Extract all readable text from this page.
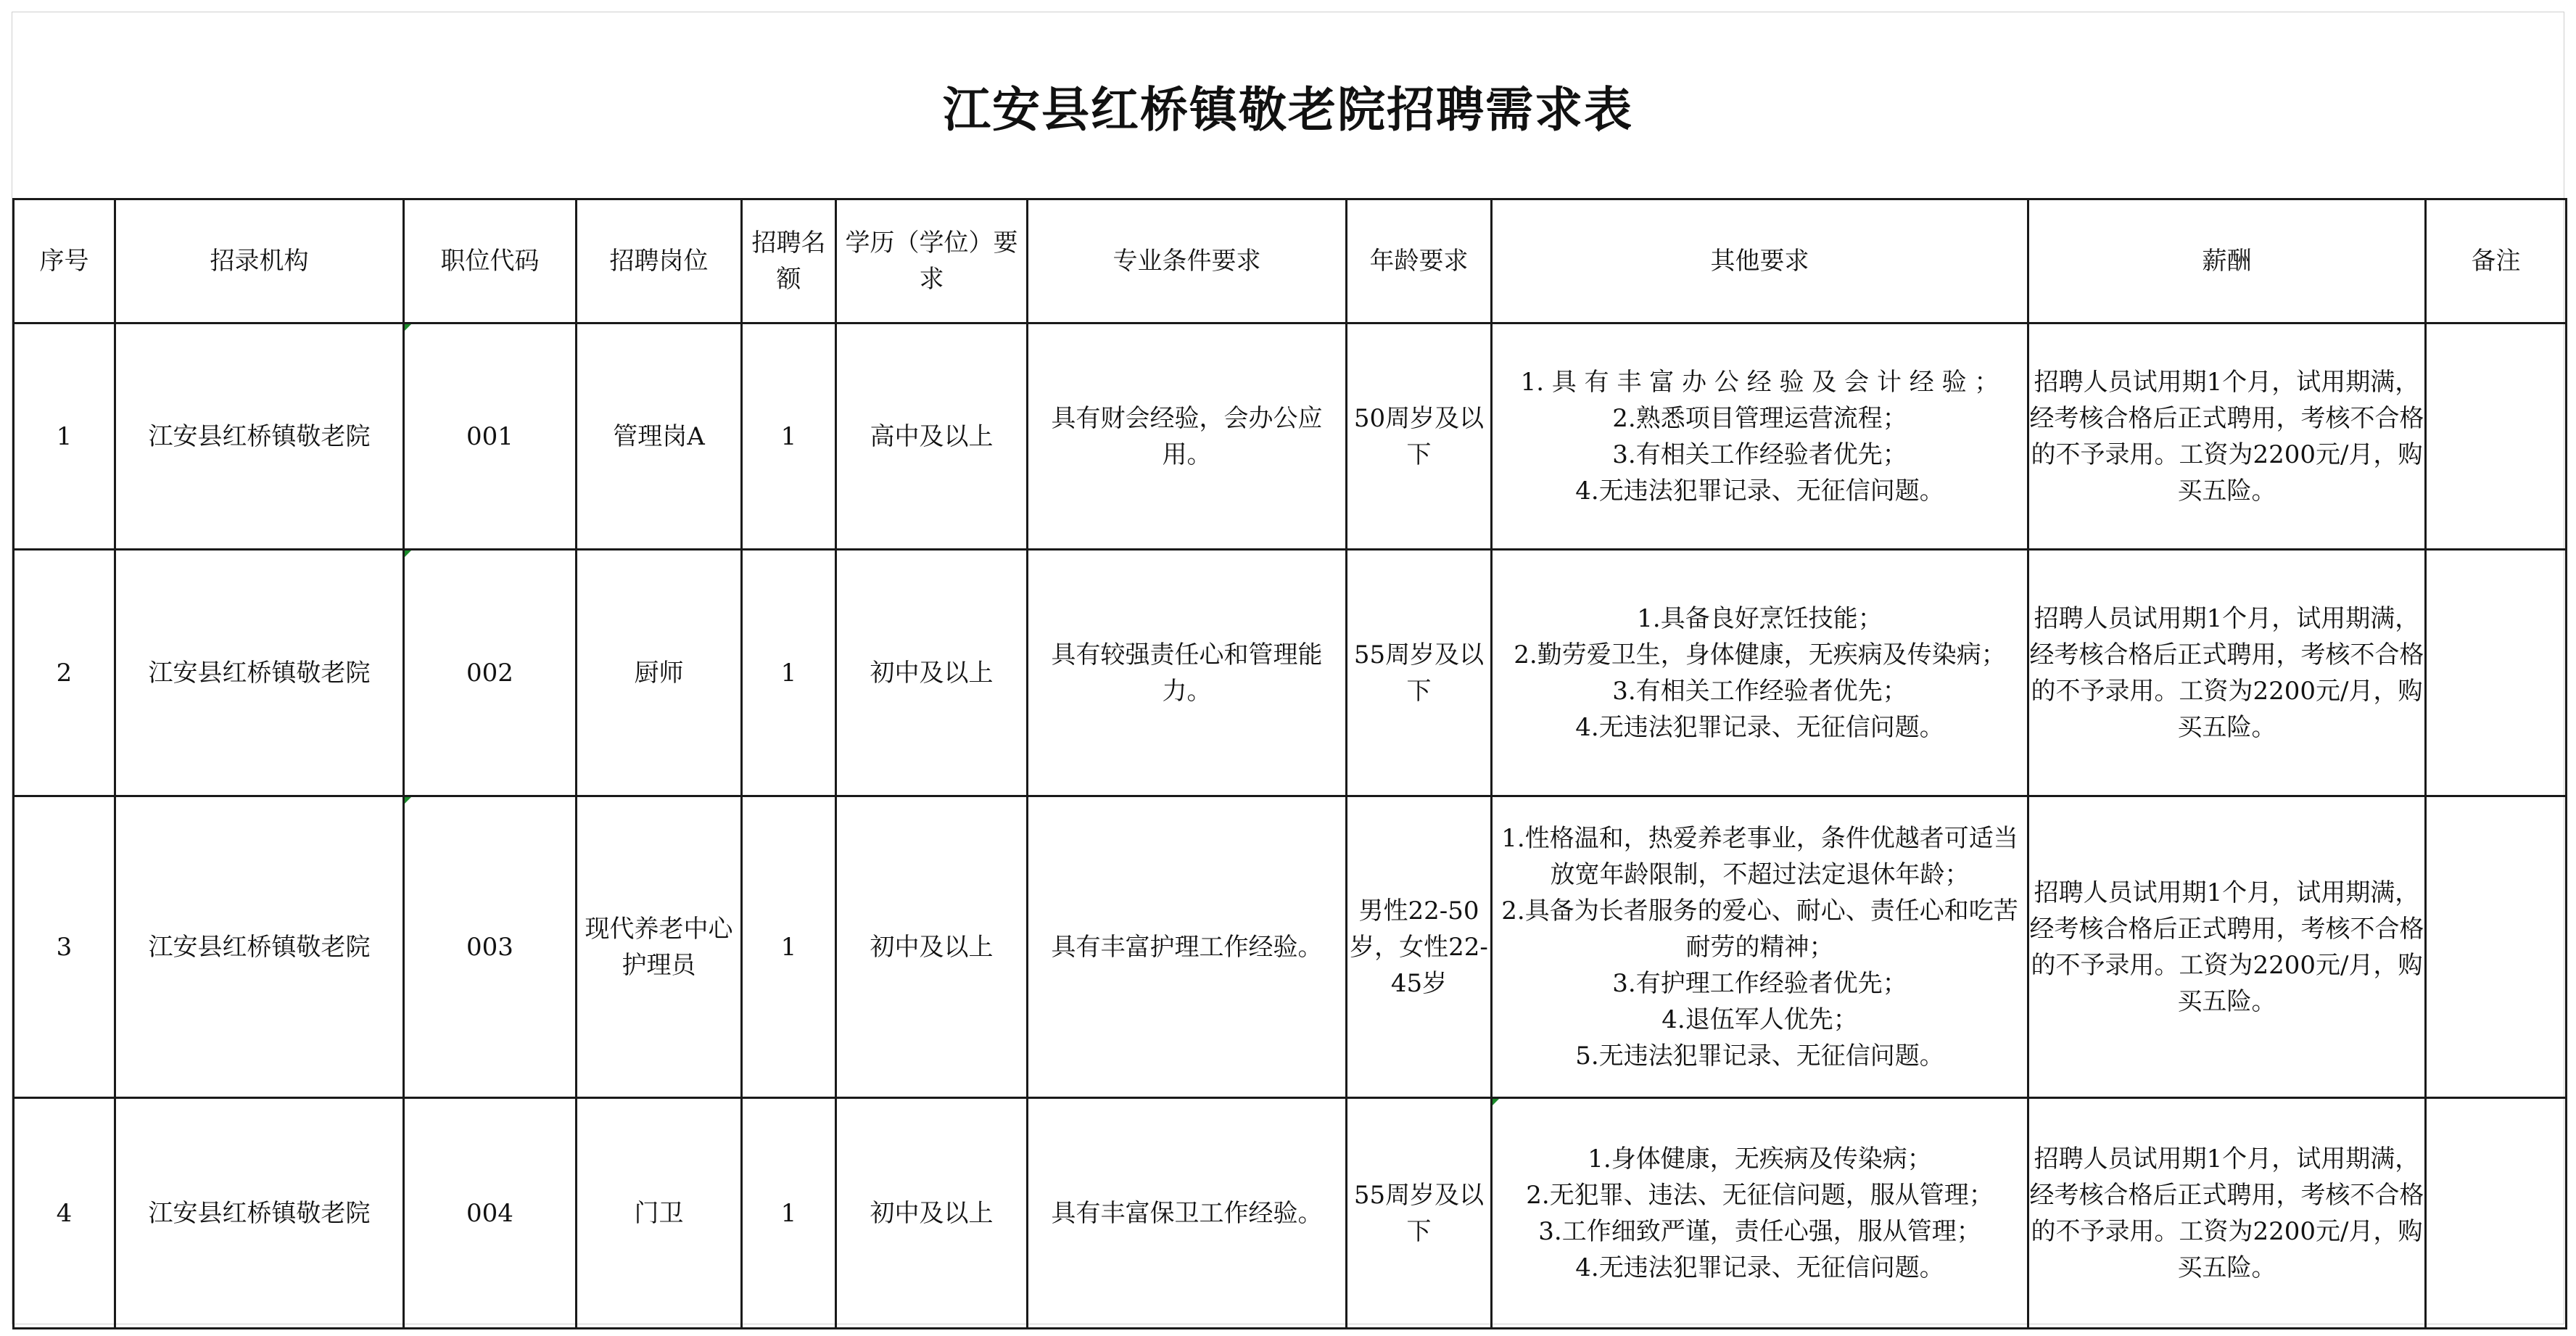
江安县红桥镇敬老院招聘需求表
序号	招录机构	职位代码	招聘岗位	招聘名额	学历（学位）要求	专业条件要求	年龄要求	其他要求	薪酬	备注
1	江安县红桥镇敬老院	001	管理岗A	1	高中及以上	具有财会经验，会办公应用。	50周岁及以下	1. 具 有 丰 富 办 公 经 验 及 会 计 经 验 ；
2.熟悉项目管理运营流程；
3.有相关工作经验者优先；
4.无违法犯罪记录、无征信问题。	招聘人员试用期1个月，试用期满，经考核合格后正式聘用，考核不合格的不予录用。工资为2200元/月，购买五险。	
2	江安县红桥镇敬老院	002	厨师	1	初中及以上	具有较强责任心和管理能力。	55周岁及以下	1.具备良好烹饪技能；
2.勤劳爱卫生，身体健康，无疾病及传染病；
3.有相关工作经验者优先；
4.无违法犯罪记录、无征信问题。	招聘人员试用期1个月，试用期满，经考核合格后正式聘用，考核不合格的不予录用。工资为2200元/月，购买五险。	
3	江安县红桥镇敬老院	003	现代养老中心护理员	1	初中及以上	具有丰富护理工作经验。	男性22-50岁，女性22-45岁	1.性格温和，热爱养老事业，条件优越者可适当放宽年龄限制，不超过法定退休年龄；
2.具备为长者服务的爱心、耐心、责任心和吃苦耐劳的精神；
3.有护理工作经验者优先；
4.退伍军人优先；
5.无违法犯罪记录、无征信问题。	招聘人员试用期1个月，试用期满，经考核合格后正式聘用，考核不合格的不予录用。工资为2200元/月，购买五险。	
4	江安县红桥镇敬老院	004	门卫	1	初中及以上	具有丰富保卫工作经验。	55周岁及以下	1.身体健康，无疾病及传染病；
2.无犯罪、违法、无征信问题，服从管理；
3.工作细致严谨，责任心强，服从管理；
4.无违法犯罪记录、无征信问题。	招聘人员试用期1个月，试用期满，经考核合格后正式聘用，考核不合格的不予录用。工资为2200元/月，购买五险。	
